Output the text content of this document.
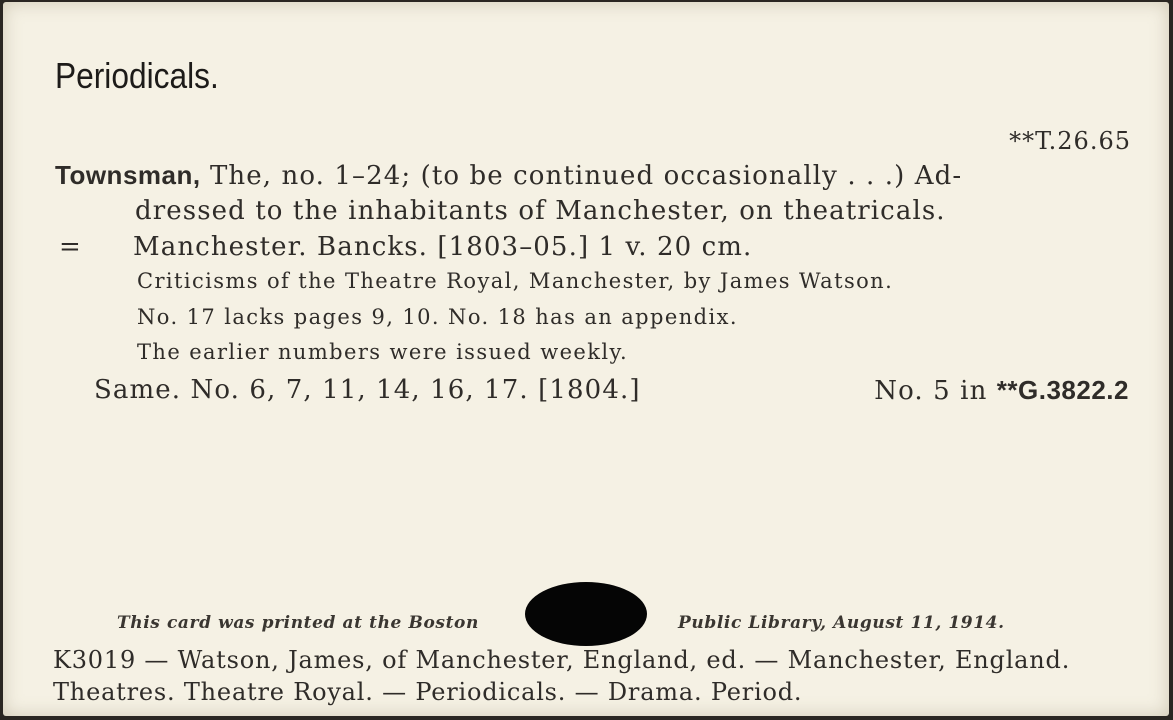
Periodicals.
**T.26.65
Townsman, The, no. 1–24; (to be continued occasionally . . .) Ad-
dressed to the inhabitants of Manchester, on theatricals.
= Manchester. Bancks. [1803–05.] 1 v. 20 cm.
Criticisms of the Theatre Royal, Manchester, by James Watson.
No. 17 lacks pages 9, 10. No. 18 has an appendix.
The earlier numbers were issued weekly.
Same. No. 6, 7, 11, 14, 16, 17. [1804.]	No. 5 in **G.3822.2
This card was printed at the Boston	Public Library, August 11, 1914.
K3019 — Watson, James, of Manchester, England, ed. — Manchester, England.
Theatres. Theatre Royal. — Periodicals. — Drama. Period.
